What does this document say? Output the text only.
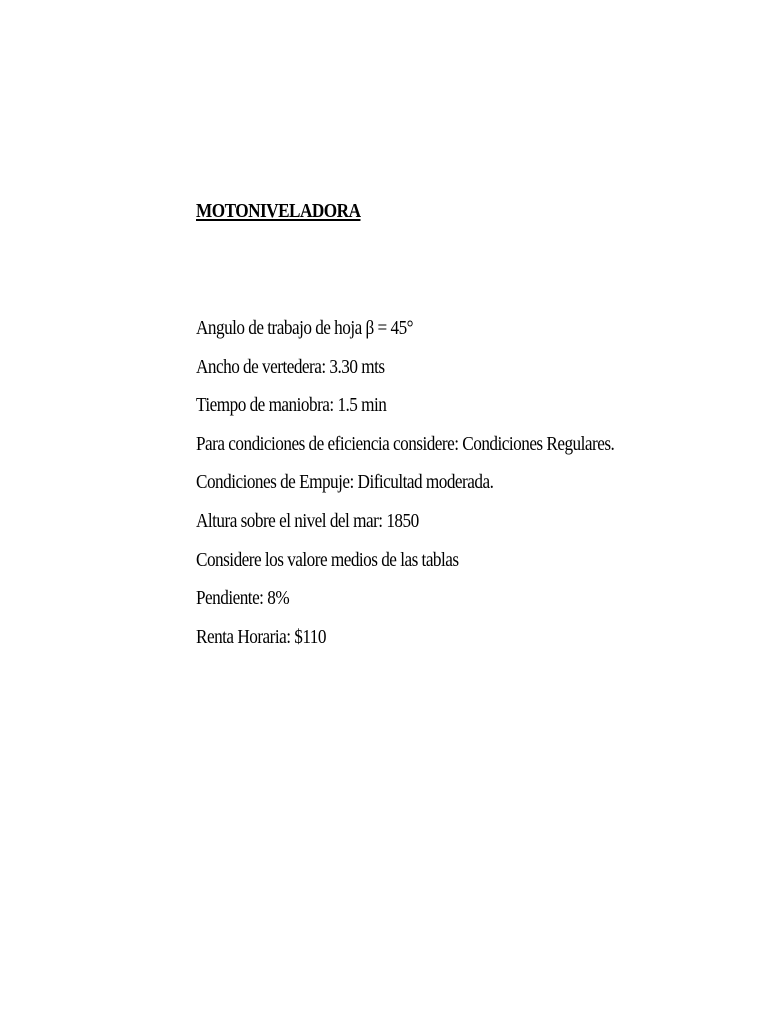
MOTONIVELADORA
Angulo de trabajo de hoja β = 45°
Ancho de vertedera: 3.30 mts
Tiempo de maniobra: 1.5 min
Para condiciones de eficiencia considere: Condiciones Regulares.
Condiciones de Empuje: Dificultad moderada.
Altura sobre el nivel del mar: 1850
Considere los valore medios de las tablas
Pendiente: 8%
Renta Horaria: $110
